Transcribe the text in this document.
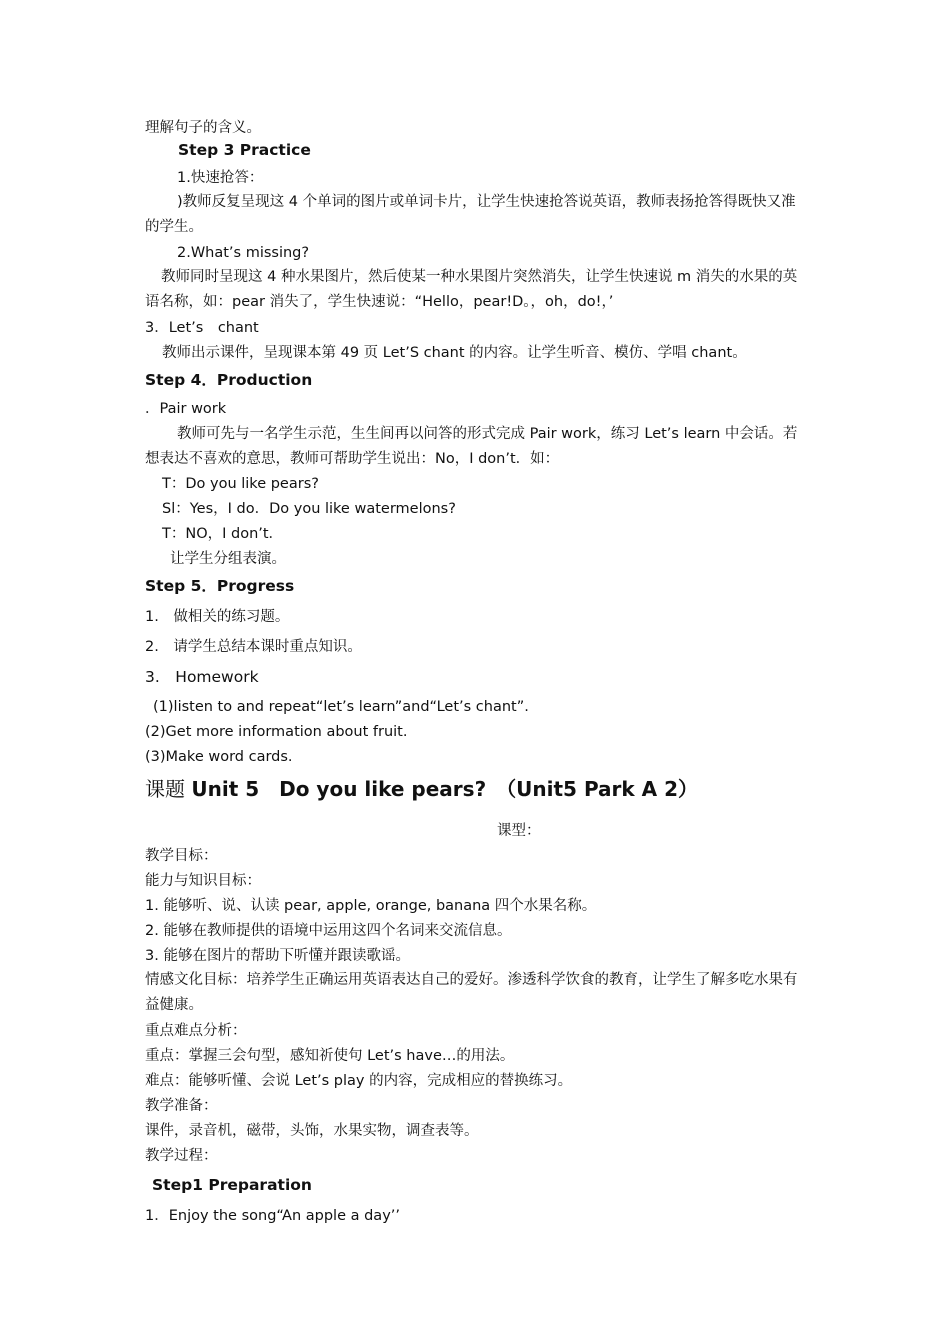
理解句子的含义。
Step 3 Practice
1.快速抢答：
)教师反复呈现这 4 个单词的图片或单词卡片，让学生快速抢答说英语，教师表扬抢答得既快又准的学生。
2.What’s missing?
教师同时呈现这 4 种水果图片，然后使某一种水果图片突然消失，让学生快速说 m 消失的水果的英语名称，如：pear 消失了，学生快速说：“Hello，pear!D。，oh，do!，’
3．Let’s　chant
教师出示课件，呈现课本第 49 页 Let’S chant 的内容。让学生听音、模仿、学唱 chant。
Step 4．Production
．Pair work
教师可先与一名学生示范，生生间再以问答的形式完成 Pair work，练习 Let’s learn 中会话。若想表达不喜欢的意思，教师可帮助学生说出：No，I don’t．如：
T：Do you like pears?
Sl：Yes，I do．Do you like watermelons?
T：NO，I don’t．
让学生分组表演。
Step 5．Progress
1.　做相关的练习题。
2.　请学生总结本课时重点知识。
3.　Homework
(1)listen to and repeat“let’s learn”and“Let’s chant”.
(2)Get more information about fruit.
(3)Make word cards.
课题 Unit 5　Do you like pears?　（Unit5 Park A 2）
课型：
教学目标：
能力与知识目标：
1. 能够听、说、认读 pear, apple, orange, banana 四个水果名称。
2. 能够在教师提供的语境中运用这四个名词来交流信息。
3. 能够在图片的帮助下听懂并跟读歌谣。
情感文化目标：培养学生正确运用英语表达自己的爱好。渗透科学饮食的教育，让学生了解多吃水果有益健康。
重点难点分析：
重点：掌握三会句型，感知祈使句 Let’s have…的用法。
难点：能够听懂、会说 Let’s play 的内容，完成相应的替换练习。
教学准备：
课件，录音机，磁带，头饰，水果实物，调查表等。
教学过程：
Step1 Preparation
1．Enjoy the song“An apple a day’’
